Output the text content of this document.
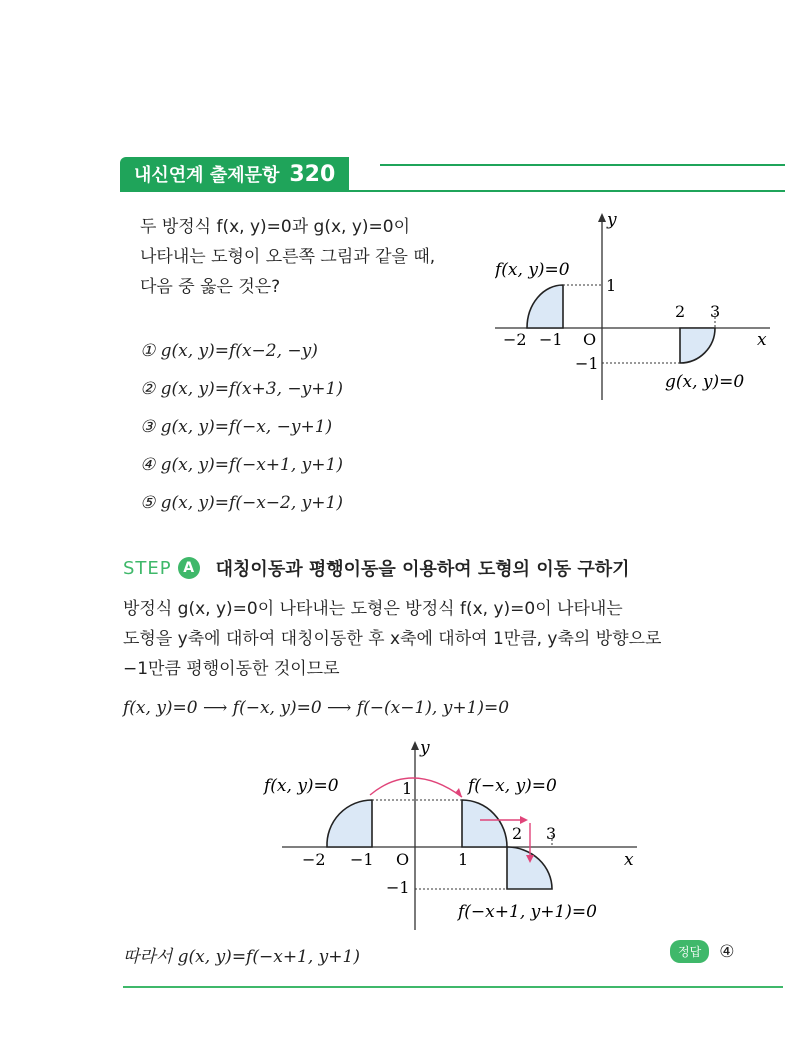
내신연계 출제문항 320
두 방정식 f(x, y)=0과 g(x, y)=0이
나타내는 도형이 오른쪽 그림과 같을 때,
다음 중 옳은 것은?
y
x
f(x, y)=0
g(x, y)=0
1
−1
2 3
−2 −1 O
① g(x, y)=f(x−2, −y)
② g(x, y)=f(x+3, −y+1)
③ g(x, y)=f(−x, −y+1)
④ g(x, y)=f(−x+1, y+1)
⑤ g(x, y)=f(−x−2, y+1)
STEP A	대칭이동과 평행이동을 이용하여 도형의 이동 구하기
방정식 g(x, y)=0이 나타내는 도형은 방정식 f(x, y)=0이 나타내는
도형을 y축에 대하여 대칭이동한 후 x축에 대하여 1만큼, y축의 방향으로
−1만큼 평행이동한 것이므로
f(x, y)=0 ⟶ f(−x, y)=0 ⟶ f(−(x−1), y+1)=0
y
x
f(x, y)=0	f(−x, y)=0
f(−x+1, y+1)=0
1
−1
−2 −1 O	1
2 3
따라서 g(x, y)=f(−x+1, y+1)	정답	④
